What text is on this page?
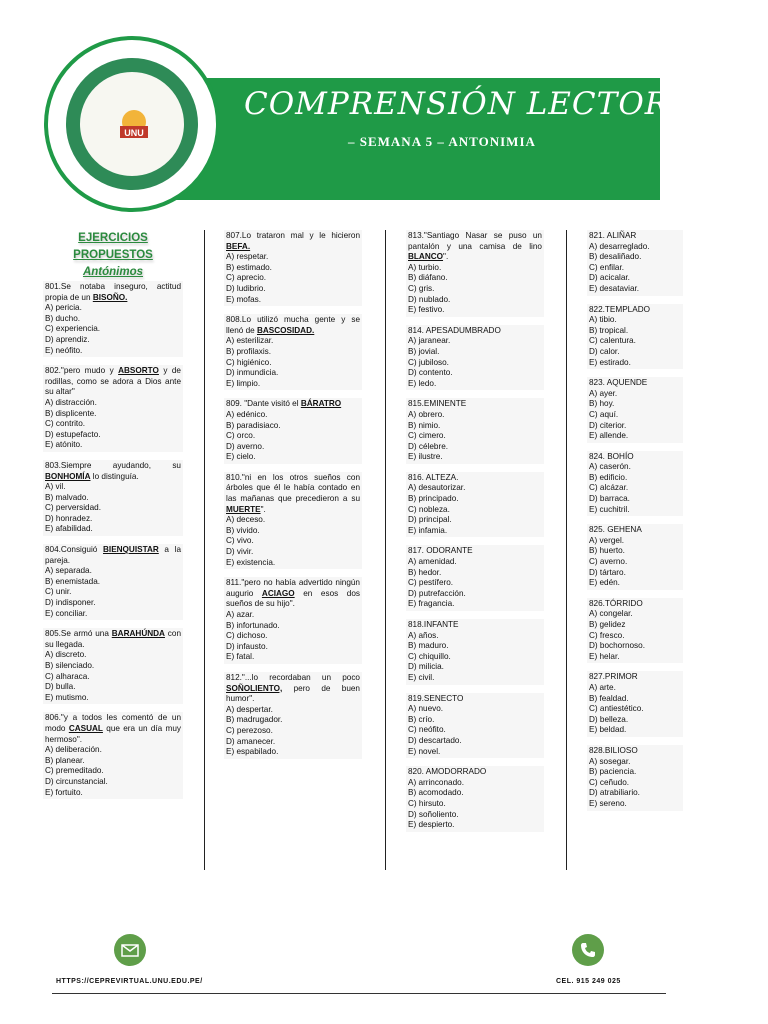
UNU
COMPRENSIÓN LECTORA
– SEMANA 5 – ANTONIMIA
EJERCICIOS
PROPUESTOS
Antónimos
801.Se notaba inseguro, actitud propia de un BISOÑO.
A) pericia.
B) ducho.
C) experiencia.
D) aprendiz.
E) neófito.
802."pero mudo y ABSORTO y de rodillas, como se adora a Dios ante su altar"
A) distracción.
B) displicente.
C) contrito.
D) estupefacto.
E) atónito.
803.Siempre ayudando, su BONHOMÍA lo distinguía.
A) vil.
B) malvado.
C) perversidad.
D) honradez.
E) afabilidad.
804.Consiguió BIENQUISTAR a la pareja.
A) separada.
B) enemistada.
C) unir.
D) indisponer.
E) conciliar.
805.Se armó una BARAHÚNDA con su llegada.
A) discreto.
B) silenciado.
C) alharaca.
D) bulla.
E) mutismo.
806."y a todos les comentó de un modo CASUAL que era un día muy hermoso".
A) deliberación.
B) planear.
C) premeditado.
D) circunstancial.
E) fortuito.
807.Lo trataron mal y le hicieron BEFA.
A) respetar.
B) estimado.
C) aprecio.
D) ludibrio.
E) mofas.
808.Lo utilizó mucha gente y se llenó de BASCOSIDAD.
A) esterilizar.
B) profilaxis.
C) higiénico.
D) inmundicia.
E) limpio.
809. "Dante visitó el BÁRATRO
A) edénico.
B) paradisiaco.
C) orco.
D) averno.
E) cielo.
810."ni en los otros sueños con árboles que él le había contado en las mañanas que precedieron a su MUERTE".
A) deceso.
B) vivido.
C) vivo.
D) vivir.
E) existencia.
811."pero no había advertido ningún augurio ACIAGO en esos dos sueños de su hijo".
A) azar.
B) infortunado.
C) dichoso.
D) infausto.
E) fatal.
812."...lo recordaban un poco SOÑOLIENTO, pero de buen humor".
A) despertar.
B) madrugador.
C) perezoso.
D) amanecer.
E) espabilado.
813."Santiago Nasar se puso un pantalón y una camisa de lino BLANCO".
A) turbio.
B) diáfano.
C) gris.
D) nublado.
E) festivo.
814. APESADUMBRADO
A) jaranear.
B) jovial.
C) jubiloso.
D) contento.
E) ledo.
815.EMINENTE
A) obrero.
B) nimio.
C) cimero.
D) célebre.
E) ilustre.
816. ALTEZA.
A) desautorizar.
B) principado.
C) nobleza.
D) principal.
E) infamia.
817. ODORANTE
A) amenidad.
B) hedor.
C) pestífero.
D) putrefacción.
E) fragancia.
818.INFANTE
A) años.
B) maduro.
C) chiquillo.
D) milicia.
E) civil.
819.SENECTO
A) nuevo.
B) crío.
C) neófito.
D) descartado.
E) novel.
820. AMODORRADO
A) arrinconado.
B) acomodado.
C) hirsuto.
D) soñoliento.
E) despierto.
821. ALIÑAR
A) desarreglado.
B) desaliñado.
C) enfilar.
D) acicalar.
E) desataviar.
822.TEMPLADO
A) tibio.
B) tropical.
C) calentura.
D) calor.
E) estirado.
823. AQUENDE
A) ayer.
B) hoy.
C) aquí.
D) citerior.
E) allende.
824. BOHÍO
A) caserón.
B) edificio.
C) alcázar.
D) barraca.
E) cuchitril.
825. GEHENA
A) vergel.
B) huerto.
C) averno.
D) tártaro.
E) edén.
826.TÓRRIDO
A) congelar.
B) gelidez
C) fresco.
D) bochornoso.
E) helar.
827.PRIMOR
A) arte.
B) fealdad.
C) antiestético.
D) belleza.
E) beldad.
828.BILIOSO
A) sosegar.
B) paciencia.
C) ceñudo.
D) atrabiliario.
E) sereno.
HTTPS://CEPREVIRTUAL.UNU.EDU.PE/	CEL. 915 249 025
